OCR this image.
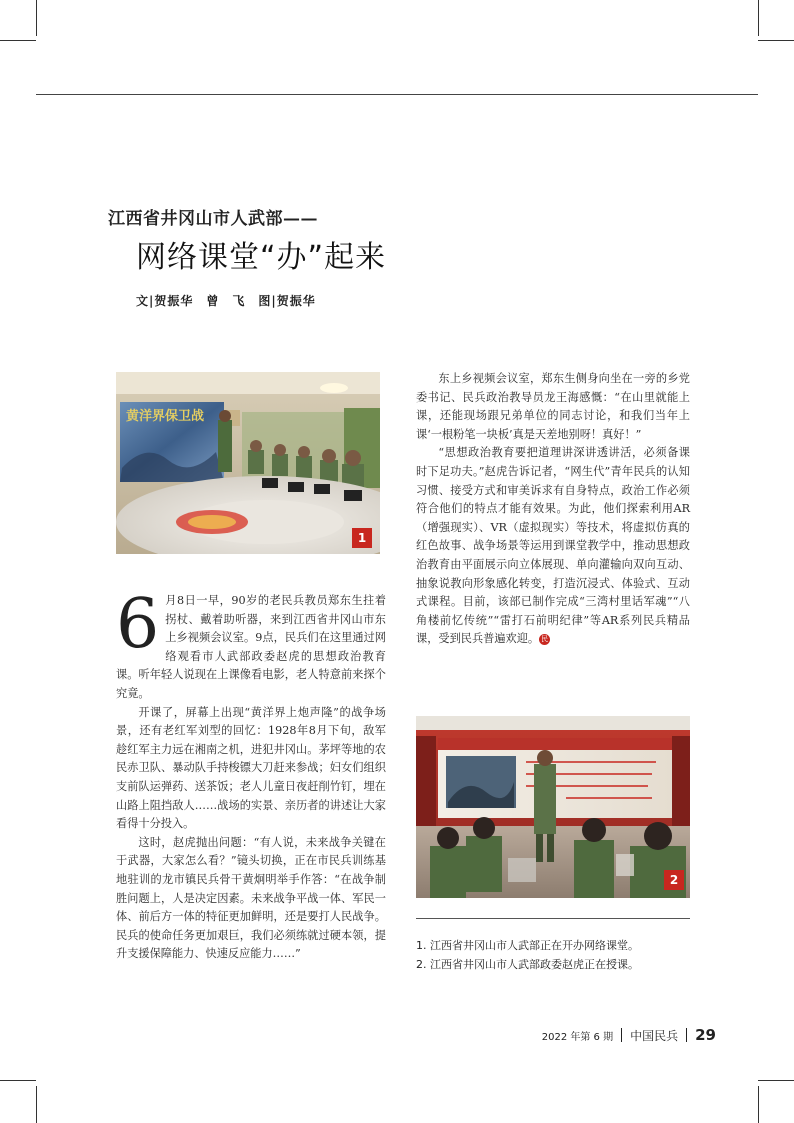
江西省井冈山市人武部——
网络课堂“办”起来
文|贺振华　曾　飞　图|贺振华
黄洋界保卫战
1

6 月8日一早，90岁的老民兵教员郑东生拄着拐杖、戴着助听器，来到江西省井冈山市东上乡视频会议室。9点，民兵们在这里通过网络观看市人武部政委赵虎的思想政治教育课。听年轻人说现在上课像看电影，老人特意前来探个究竟。

开课了，屏幕上出现“黄洋界上炮声隆”的战争场景，还有老红军刘型的回忆：1928年8月下旬，敌军趁红军主力远在湘南之机，进犯井冈山。茅坪等地的农民赤卫队、暴动队手持梭镖大刀赶来参战；妇女们组织支前队运弹药、送茶饭；老人儿童日夜赶削竹钉，埋在山路上阻挡敌人……战场的实景、亲历者的讲述让大家看得十分投入。

这时，赵虎抛出问题：“有人说，未来战争关键在于武器，大家怎么看？”镜头切换，正在市民兵训练基地驻训的龙市镇民兵骨干黄炯明举手作答：“在战争制胜问题上，人是决定因素。未来战争平战一体、军民一体、前后方一体的特征更加鲜明，还是要打人民战争。民兵的使命任务更加艰巨，我们必须练就过硬本领，提升支援保障能力、快速反应能力……”

东上乡视频会议室，郑东生侧身向坐在一旁的乡党委书记、民兵政治教导员龙王海感慨：“在山里就能上课，还能现场跟兄弟单位的同志讨论，和我们当年上课‘一根粉笔一块板’真是天差地别呀！真好！”

“思想政治教育要把道理讲深讲透讲活，必须备课时下足功夫。”赵虎告诉记者，“网生代”青年民兵的认知习惯、接受方式和审美诉求有自身特点，政治工作必须符合他们的特点才能有效果。为此，他们探索利用AR（增强现实）、VR（虚拟现实）等技术，将虚拟仿真的红色故事、战争场景等运用到课堂教学中，推动思想政治教育由平面展示向立体展现、单向灌输向双向互动、抽象说教向形象感化转变，打造沉浸式、体验式、互动式课程。目前，该部已制作完成“三湾村里话军魂”“八角楼前忆传统”“雷打石前明纪律”等AR系列民兵精品课，受到民兵普遍欢迎。 民

2
1. 江西省井冈山市人武部正在开办网络课堂。
2. 江西省井冈山市人武部政委赵虎正在授课。
2022 年第 6 期 中国民兵 29
